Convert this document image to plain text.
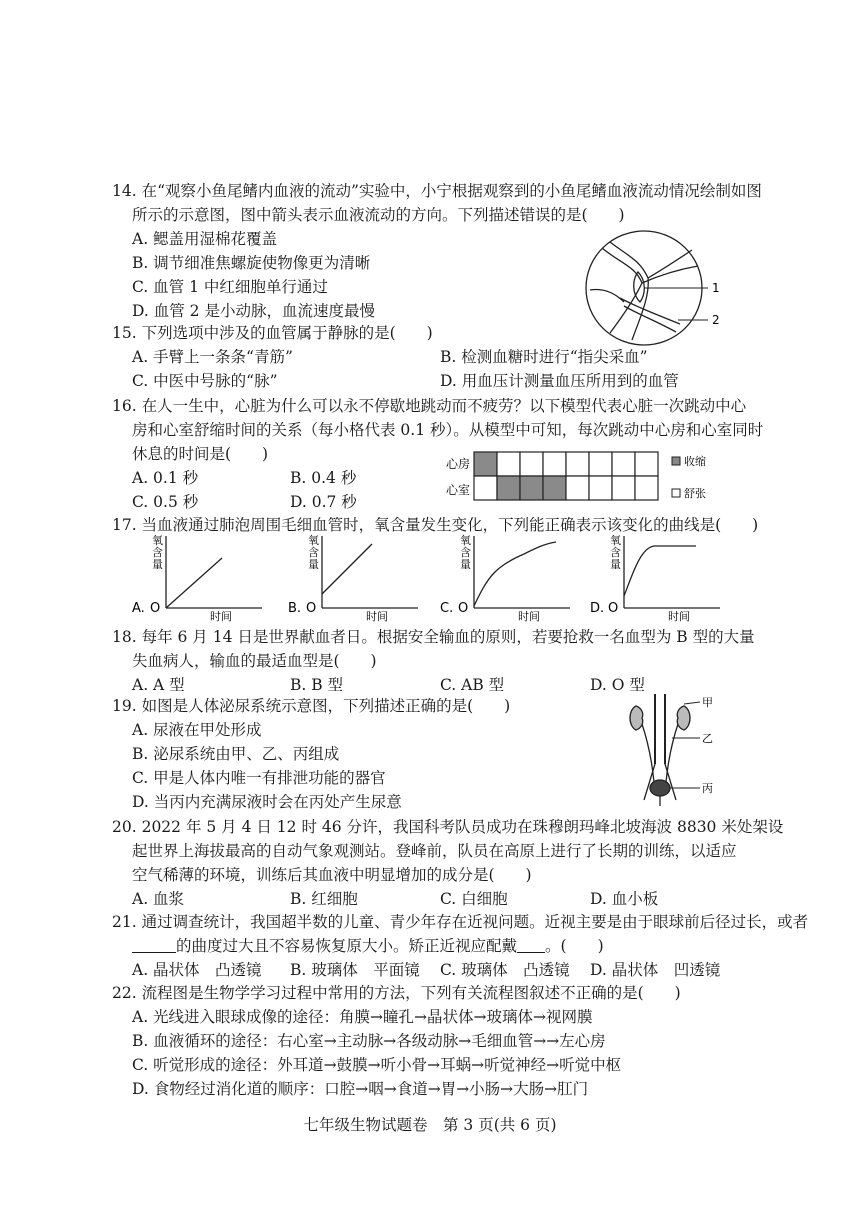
14. 在“观察小鱼尾鳍内血液的流动”实验中，小宁根据观察到的小鱼尾鳍血液流动情况绘制如图
所示的示意图，图中箭头表示血液流动的方向。下列描述错误的是(　　)
A. 鳃盖用湿棉花覆盖
B. 调节细准焦螺旋使物像更为清晰
C. 血管 1 中红细胞单行通过
D. 血管 2 是小动脉，血流速度最慢
1
2
15. 下列选项中涉及的血管属于静脉的是(　　)
A. 手臂上一条条“青筋”	B. 检测血糖时进行“指尖采血”
C. 中医中号脉的“脉”	D. 用血压计测量血压所用到的血管
16. 在人一生中，心脏为什么可以永不停歇地跳动而不疲劳？以下模型代表心脏一次跳动中心
房和心室舒缩时间的关系（每小格代表 0.1 秒）。从模型中可知，每次跳动中心房和心室同时
休息的时间是(　　)
A. 0.1 秒	B. 0.4 秒
C. 0.5 秒	D. 0.7 秒
心房
心室
收缩
舒张
17. 当血液通过肺泡周围毛细血管时，氧含量发生变化，下列能正确表示该变化的曲线是(　　)
氧
含
量
A. O
时间
氧
含
量
B. O
时间
氧
含
量
C. O
时间
氧
含
量
D. O
时间
18. 每年 6 月 14 日是世界献血者日。根据安全输血的原则，若要抢救一名血型为 B 型的大量
失血病人，输血的最适血型是(　　)
A. A 型	B. B 型	C. AB 型	D. O 型
19. 如图是人体泌尿系统示意图，下列描述正确的是(　　)
A. 尿液在甲处形成
B. 泌尿系统由甲、乙、丙组成
C. 甲是人体内唯一有排泄功能的器官
D. 当丙内充满尿液时会在丙处产生尿意
甲
乙
丙
20. 2022 年 5 月 4 日 12 时 46 分许，我国科考队员成功在珠穆朗玛峰北坡海波 8830 米处架设
起世界上海拔最高的自动气象观测站。登峰前，队员在高原上进行了长期的训练，以适应
空气稀薄的环境，训练后其血液中明显增加的成分是(　　)
A. 血浆	B. 红细胞	C. 白细胞	D. 血小板
21. 通过调查统计，我国超半数的儿童、青少年存在近视问题。近视主要是由于眼球前后径过长，或者
的曲度过大且不容易恢复原大小。矫正近视应配戴 。(　　)
A. 晶状体　凸透镜 B. 玻璃体　平面镜 C. 玻璃体　凸透镜 D. 晶状体　凹透镜
22. 流程图是生物学学习过程中常用的方法，下列有关流程图叙述不正确的是(　　)
A. 光线进入眼球成像的途径：角膜→瞳孔→晶状体→玻璃体→视网膜
B. 血液循环的途径：右心室→主动脉→各级动脉→毛细血管→→左心房
C. 听觉形成的途径：外耳道→鼓膜→听小骨→耳蜗→听觉神经→听觉中枢
D. 食物经过消化道的顺序：口腔→咽→食道→胃→小肠→大肠→肛门
七年级生物试题卷　第 3 页(共 6 页)
